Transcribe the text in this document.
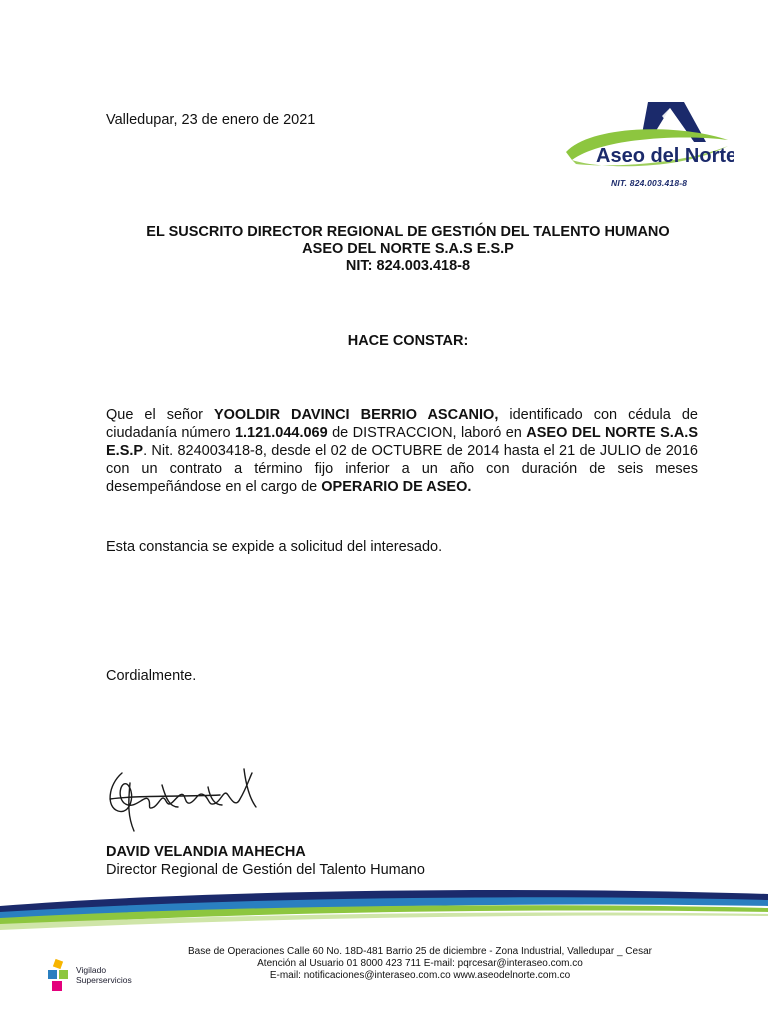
Valledupar, 23 de enero de 2021
Aseo del Norte
NIT. 824.003.418-8
EL SUSCRITO DIRECTOR REGIONAL DE GESTIÓN DEL TALENTO HUMANO
ASEO DEL NORTE S.A.S E.S.P
NIT: 824.003.418-8
HACE CONSTAR:
Que el señor YOOLDIR DAVINCI BERRIO ASCANIO, identificado con cédula de ciudadanía número 1.121.044.069 de DISTRACCION, laboró en ASEO DEL NORTE S.A.S E.S.P. Nit. 824003418-8, desde el 02 de OCTUBRE de 2014 hasta el 21 de JULIO de 2016 con un contrato a término fijo inferior a un año con duración de seis meses desempeñándose en el cargo de OPERARIO DE ASEO.
Esta constancia se expide a solicitud del interesado.
Cordialmente.
DAVID VELANDIA MAHECHA
Director Regional de Gestión del Talento Humano
Base de Operaciones Calle 60 No. 18D-481 Barrio 25 de diciembre - Zona Industrial, Valledupar _ Cesar
Atención al Usuario 01 8000 423 711 E-mail: pqrcesar@interaseo.com.co
E-mail: notificaciones@interaseo.com.co www.aseodelnorte.com.co
Vigilado
Superservicios
